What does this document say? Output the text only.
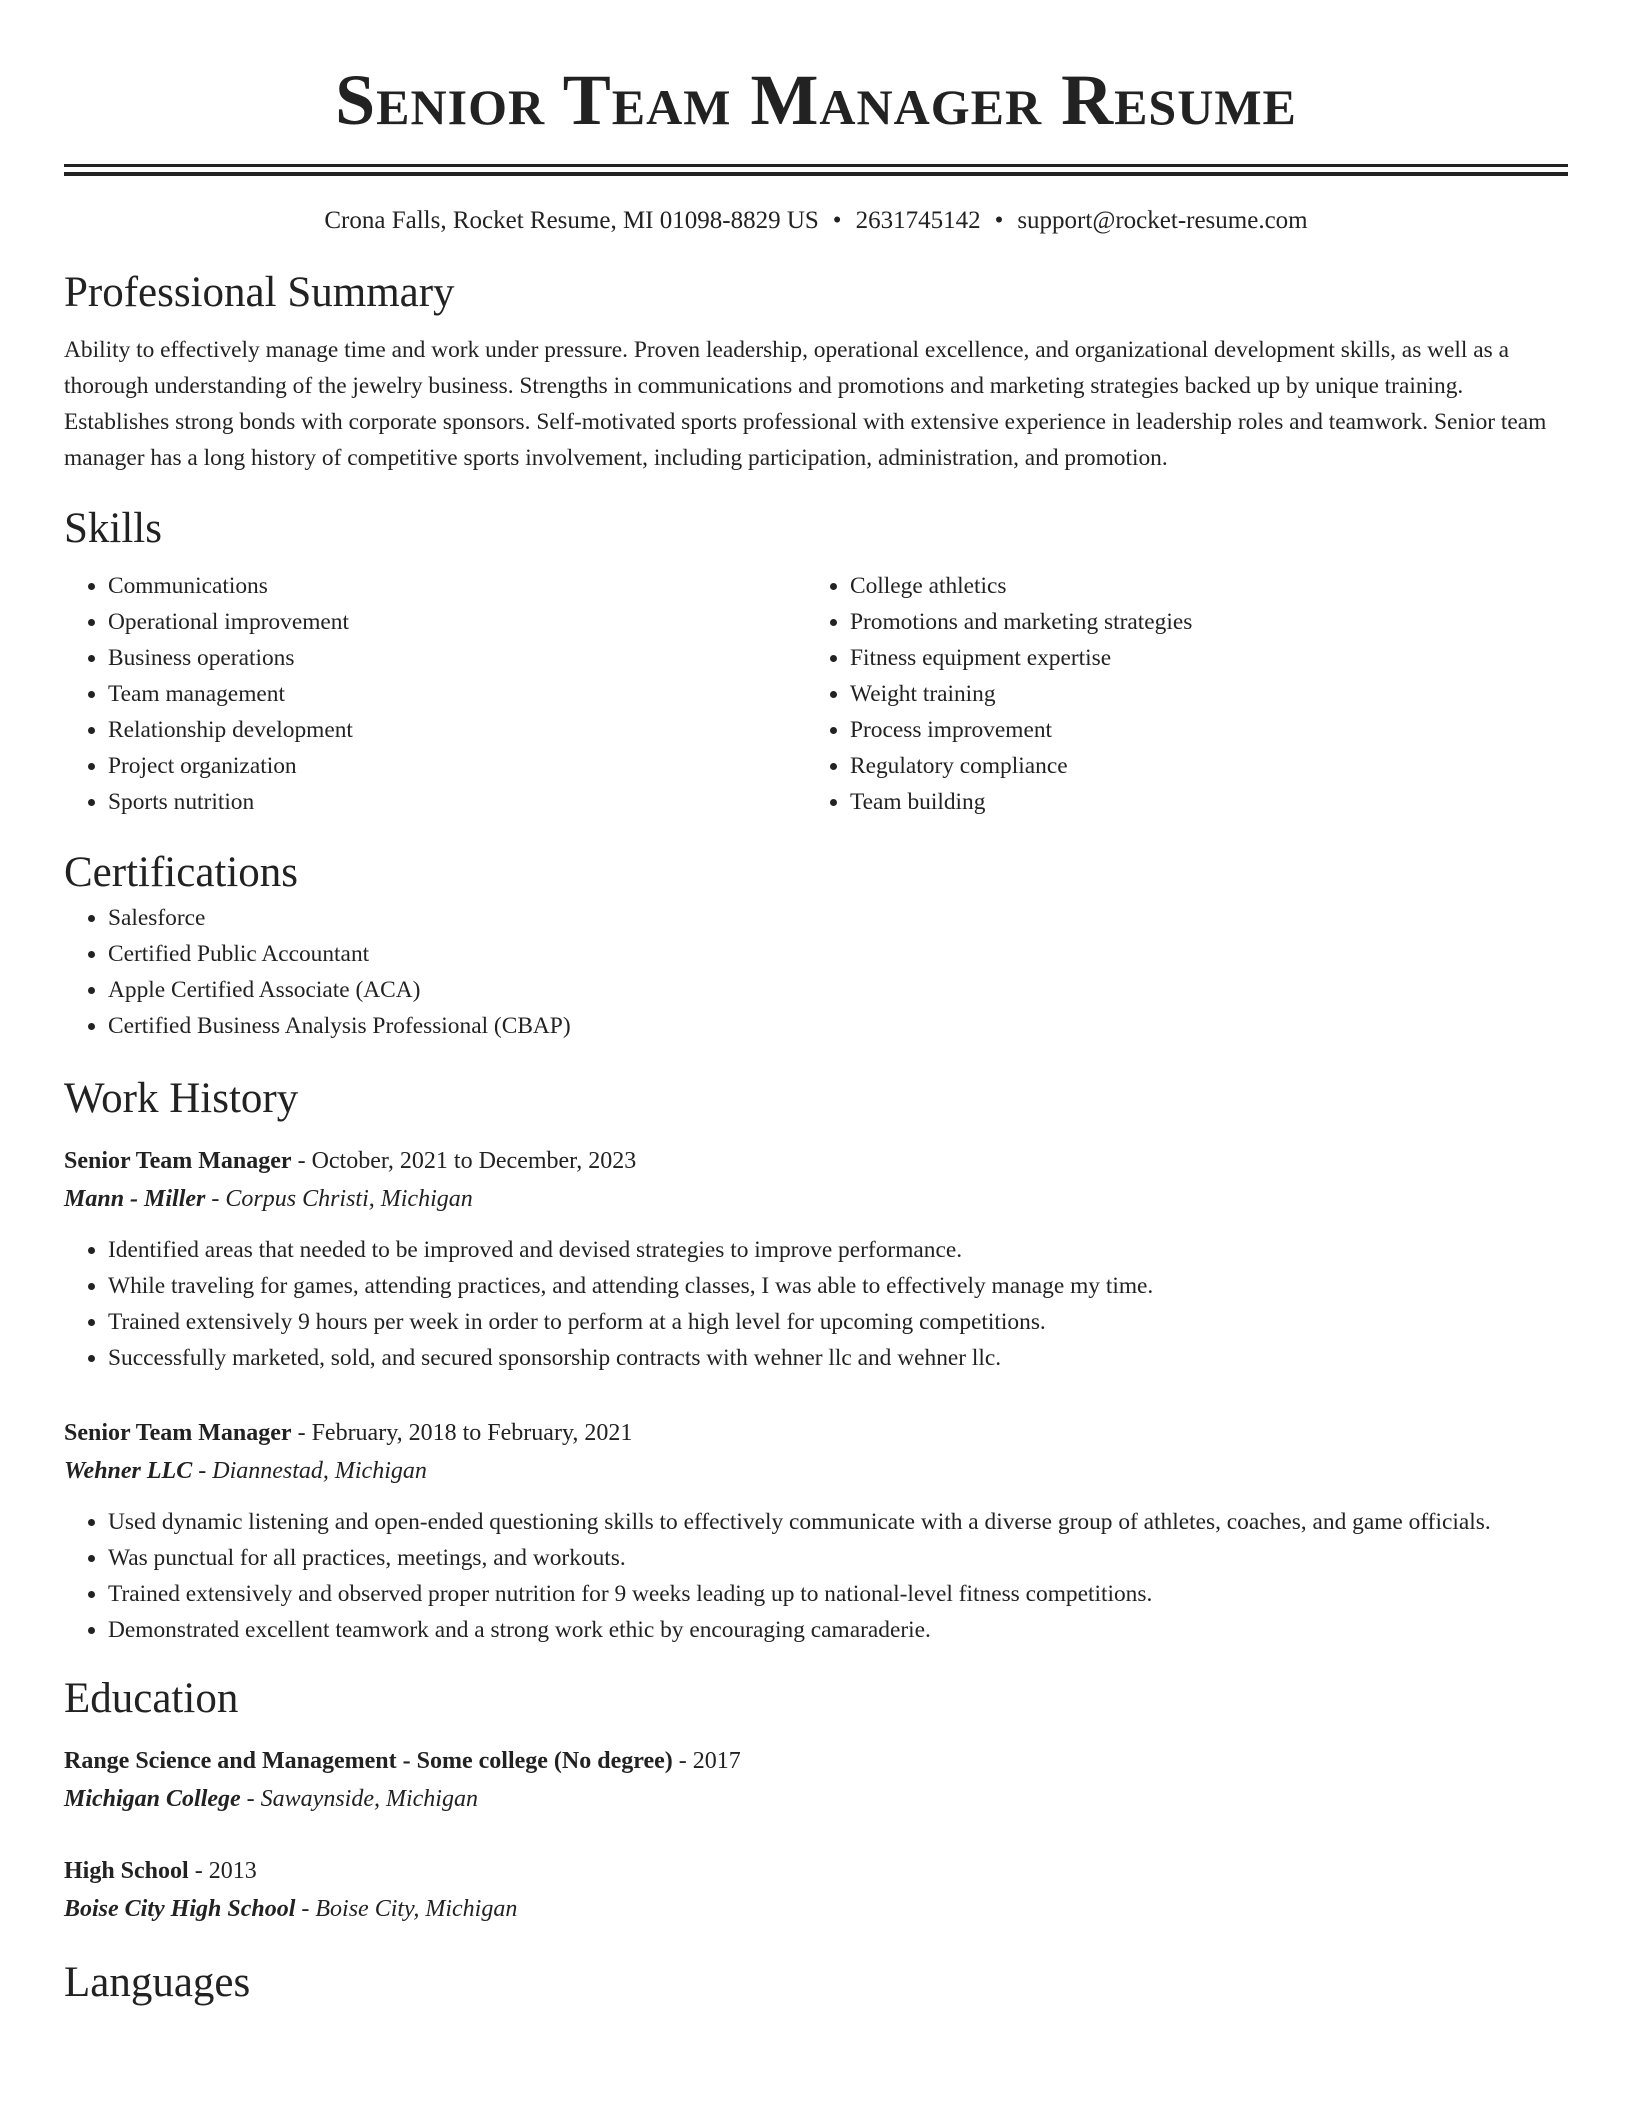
Senior Team Manager Resume
Crona Falls, Rocket Resume, MI 01098-8829 US • 2631745142 • support@rocket-resume.com
Professional Summary
Ability to effectively manage time and work under pressure. Proven leadership, operational excellence, and organizational development skills, as well as a thorough understanding of the jewelry business. Strengths in communications and promotions and marketing strategies backed up by unique training. Establishes strong bonds with corporate sponsors. Self-motivated sports professional with extensive experience in leadership roles and teamwork. Senior team manager has a long history of competitive sports involvement, including participation, administration, and promotion.
Skills
• Communications
• Operational improvement
• Business operations
• Team management
• Relationship development
• Project organization
• Sports nutrition
• College athletics
• Promotions and marketing strategies
• Fitness equipment expertise
• Weight training
• Process improvement
• Regulatory compliance
• Team building
Certifications
• Salesforce
• Certified Public Accountant
• Apple Certified Associate (ACA)
• Certified Business Analysis Professional (CBAP)
Work History
Senior Team Manager - October, 2021 to December, 2023
Mann - Miller - Corpus Christi, Michigan
• Identified areas that needed to be improved and devised strategies to improve performance.
• While traveling for games, attending practices, and attending classes, I was able to effectively manage my time.
• Trained extensively 9 hours per week in order to perform at a high level for upcoming competitions.
• Successfully marketed, sold, and secured sponsorship contracts with wehner llc and wehner llc.
Senior Team Manager - February, 2018 to February, 2021
Wehner LLC - Diannestad, Michigan
• Used dynamic listening and open-ended questioning skills to effectively communicate with a diverse group of athletes, coaches, and game officials.
• Was punctual for all practices, meetings, and workouts.
• Trained extensively and observed proper nutrition for 9 weeks leading up to national-level fitness competitions.
• Demonstrated excellent teamwork and a strong work ethic by encouraging camaraderie.
Education
Range Science and Management - Some college (No degree) - 2017
Michigan College - Sawaynside, Michigan
High School - 2013
Boise City High School - Boise City, Michigan
Languages
